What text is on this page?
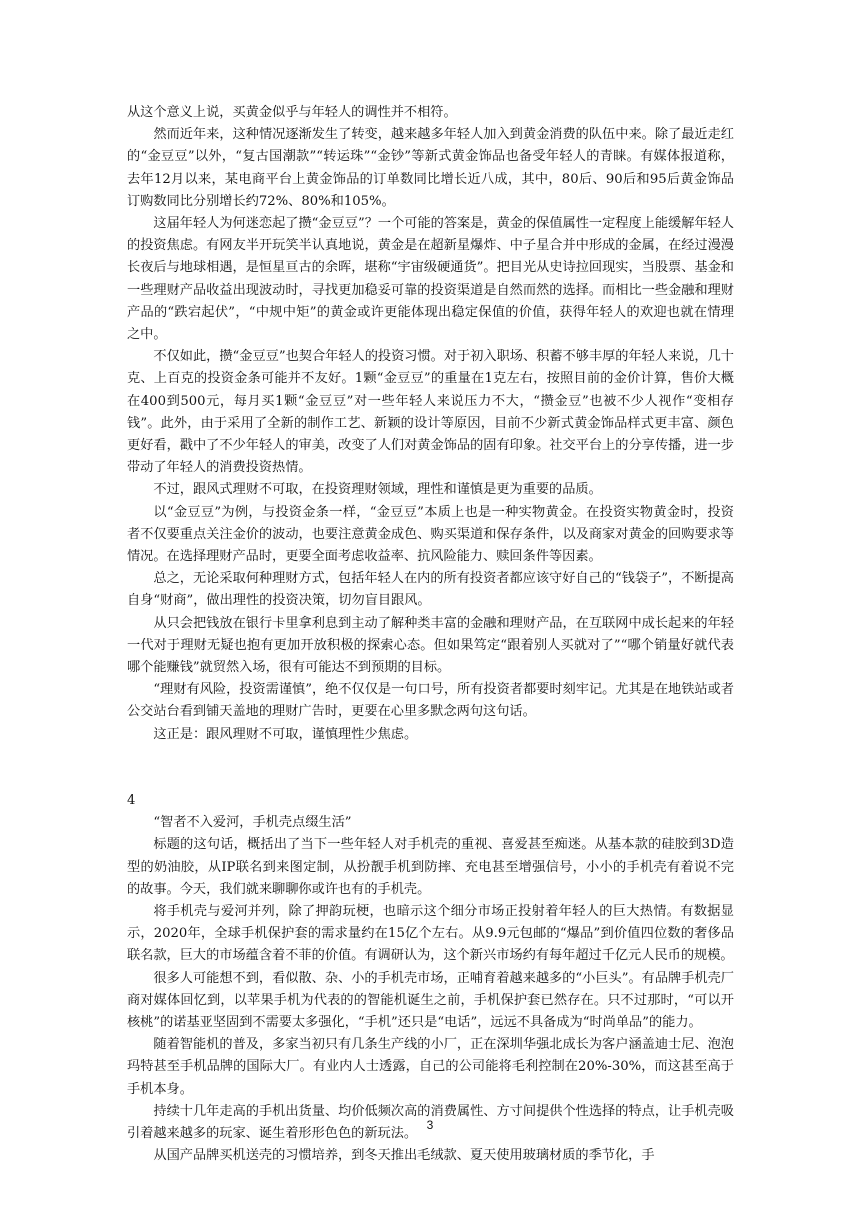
从这个意义上说，买黄金似乎与年轻人的调性并不相符。

然而近年来，这种情况逐渐发生了转变，越来越多年轻人加入到黄金消费的队伍中来。除了最近走红的“金豆豆”以外，“复古国潮款”“转运珠”“金钞”等新式黄金饰品也备受年轻人的青睐。有媒体报道称，去年12月以来，某电商平台上黄金饰品的订单数同比增长近八成，其中，80后、90后和95后黄金饰品订购数同比分别增长约72%、80%和105%。

这届年轻人为何迷恋起了攒“金豆豆”？一个可能的答案是，黄金的保值属性一定程度上能缓解年轻人的投资焦虑。有网友半开玩笑半认真地说，黄金是在超新星爆炸、中子星合并中形成的金属，在经过漫漫长夜后与地球相遇，是恒星亘古的余晖，堪称“宇宙级硬通货”。把目光从史诗拉回现实，当股票、基金和一些理财产品收益出现波动时，寻找更加稳妥可靠的投资渠道是自然而然的选择。而相比一些金融和理财产品的“跌宕起伏”，“中规中矩”的黄金或许更能体现出稳定保值的价值，获得年轻人的欢迎也就在情理之中。

不仅如此，攒“金豆豆”也契合年轻人的投资习惯。对于初入职场、积蓄不够丰厚的年轻人来说，几十克、上百克的投资金条可能并不友好。1颗“金豆豆”的重量在1克左右，按照目前的金价计算，售价大概在400到500元，每月买1颗“金豆豆”对一些年轻人来说压力不大，“攒金豆”也被不少人视作“变相存钱”。此外，由于采用了全新的制作工艺、新颖的设计等原因，目前不少新式黄金饰品样式更丰富、颜色更好看，戳中了不少年轻人的审美，改变了人们对黄金饰品的固有印象。社交平台上的分享传播，进一步带动了年轻人的消费投资热情。

不过，跟风式理财不可取，在投资理财领域，理性和谨慎是更为重要的品质。

以“金豆豆”为例，与投资金条一样，“金豆豆”本质上也是一种实物黄金。在投资实物黄金时，投资者不仅要重点关注金价的波动，也要注意黄金成色、购买渠道和保存条件，以及商家对黄金的回购要求等情况。在选择理财产品时，更要全面考虑收益率、抗风险能力、赎回条件等因素。

总之，无论采取何种理财方式，包括年轻人在内的所有投资者都应该守好自己的“钱袋子”，不断提高自身“财商”，做出理性的投资决策，切勿盲目跟风。

从只会把钱放在银行卡里拿利息到主动了解种类丰富的金融和理财产品，在互联网中成长起来的年轻一代对于理财无疑也抱有更加开放积极的探索心态。但如果笃定“跟着别人买就对了”“哪个销量好就代表哪个能赚钱”就贸然入场，很有可能达不到预期的目标。

“理财有风险，投资需谨慎”，绝不仅仅是一句口号，所有投资者都要时刻牢记。尤其是在地铁站或者公交站台看到铺天盖地的理财广告时，更要在心里多默念两句这句话。

这正是：跟风理财不可取，谨慎理性少焦虑。

4

“智者不入爱河，手机壳点缀生活”

标题的这句话，概括出了当下一些年轻人对手机壳的重视、喜爱甚至痴迷。从基本款的硅胶到3D造型的奶油胶，从IP联名到来图定制，从扮靓手机到防摔、充电甚至增强信号，小小的手机壳有着说不完的故事。今天，我们就来聊聊你或许也有的手机壳。

将手机壳与爱河并列，除了押韵玩梗，也暗示这个细分市场正投射着年轻人的巨大热情。有数据显示，2020年，全球手机保护套的需求量约在15亿个左右。从9.9元包邮的“爆品”到价值四位数的奢侈品联名款，巨大的市场蕴含着不菲的价值。有调研认为，这个新兴市场约有每年超过千亿元人民币的规模。

很多人可能想不到，看似散、杂、小的手机壳市场，正哺育着越来越多的“小巨头”。有品牌手机壳厂商对媒体回忆到，以苹果手机为代表的的智能机诞生之前，手机保护套已然存在。只不过那时，“可以开核桃”的诺基亚坚固到不需要太多强化，“手机”还只是“电话”，远远不具备成为“时尚单品”的能力。

随着智能机的普及，多家当初只有几条生产线的小厂，正在深圳华强北成长为客户涵盖迪士尼、泡泡玛特甚至手机品牌的国际大厂。有业内人士透露，自己的公司能将毛利控制在20%-30%，而这甚至高于手机本身。

持续十几年走高的手机出货量、均价低频次高的消费属性、方寸间提供个性选择的特点，让手机壳吸引着越来越多的玩家、诞生着形形色色的新玩法。

从国产品牌买机送壳的习惯培养，到冬天推出毛绒款、夏天使用玻璃材质的季节化，手

3
